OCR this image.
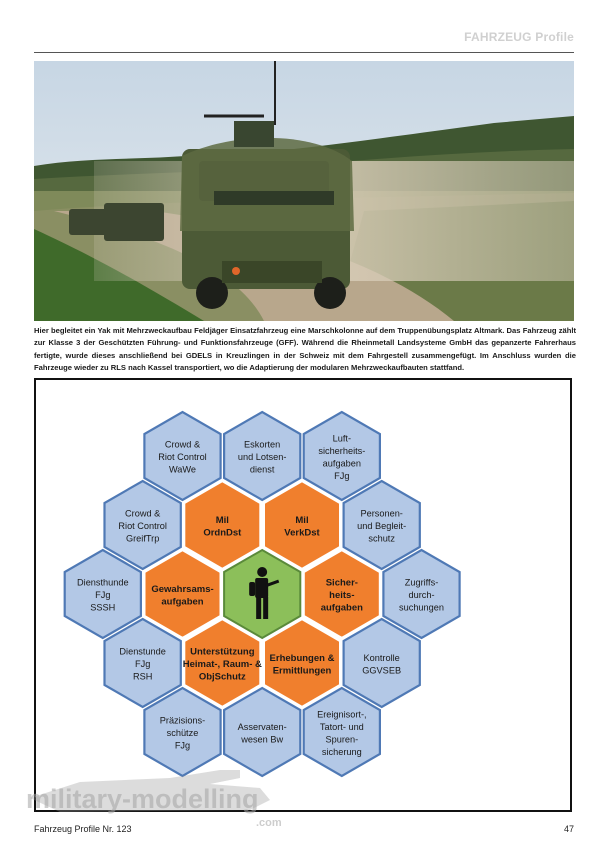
FAHRZEUG Profile
Hier begleitet ein Yak mit Mehrzweckaufbau Feldjäger Einsatzfahrzeug eine Marschkolonne auf dem Truppenübungsplatz Altmark. Das Fahrzeug zählt zur Klasse 3 der Geschützten Führung- und Funktionsfahrzeuge (GFF). Während die Rheinmetall Landsysteme GmbH das gepanzerte Fahrerhaus fertigte, wurde dieses anschließend bei GDELS in Kreuzlingen in der Schweiz mit dem Fahrgestell zusammengefügt. Im Anschluss wurden die Fahrzeuge wieder zu RLS nach Kassel transportiert, wo die Adaptierung der modularen Mehrzweckaufbauten stattfand.
Crowd &
Riot Control
WaWe
Eskorten
und Lotsen-
dienst
Luft-
sicherheits-
aufgaben
FJg
Personen-
und Begleit-
schutz
Zugriffs-
durch-
suchungen
Kontrolle
GGVSEB
Ereignisort-,
Tatort- und
Spuren-
sicherung
Asservaten-
wesen Bw
Präzisions-
schütze
FJg
Dienstunde
FJg
RSH
Diensthunde
FJg
SSSH
Crowd &
Riot Control
GreifTrp
Mil
OrdnDst
Mil
VerkDst
Sicher-
heits-
aufgaben
Erhebungen &
Ermittlungen
Unterstützung
Heimat-, Raum- &
ObjSchutz
Gewahrsams-
aufgaben
military-modelling
.com
Fahrzeug Profile Nr. 123	47
